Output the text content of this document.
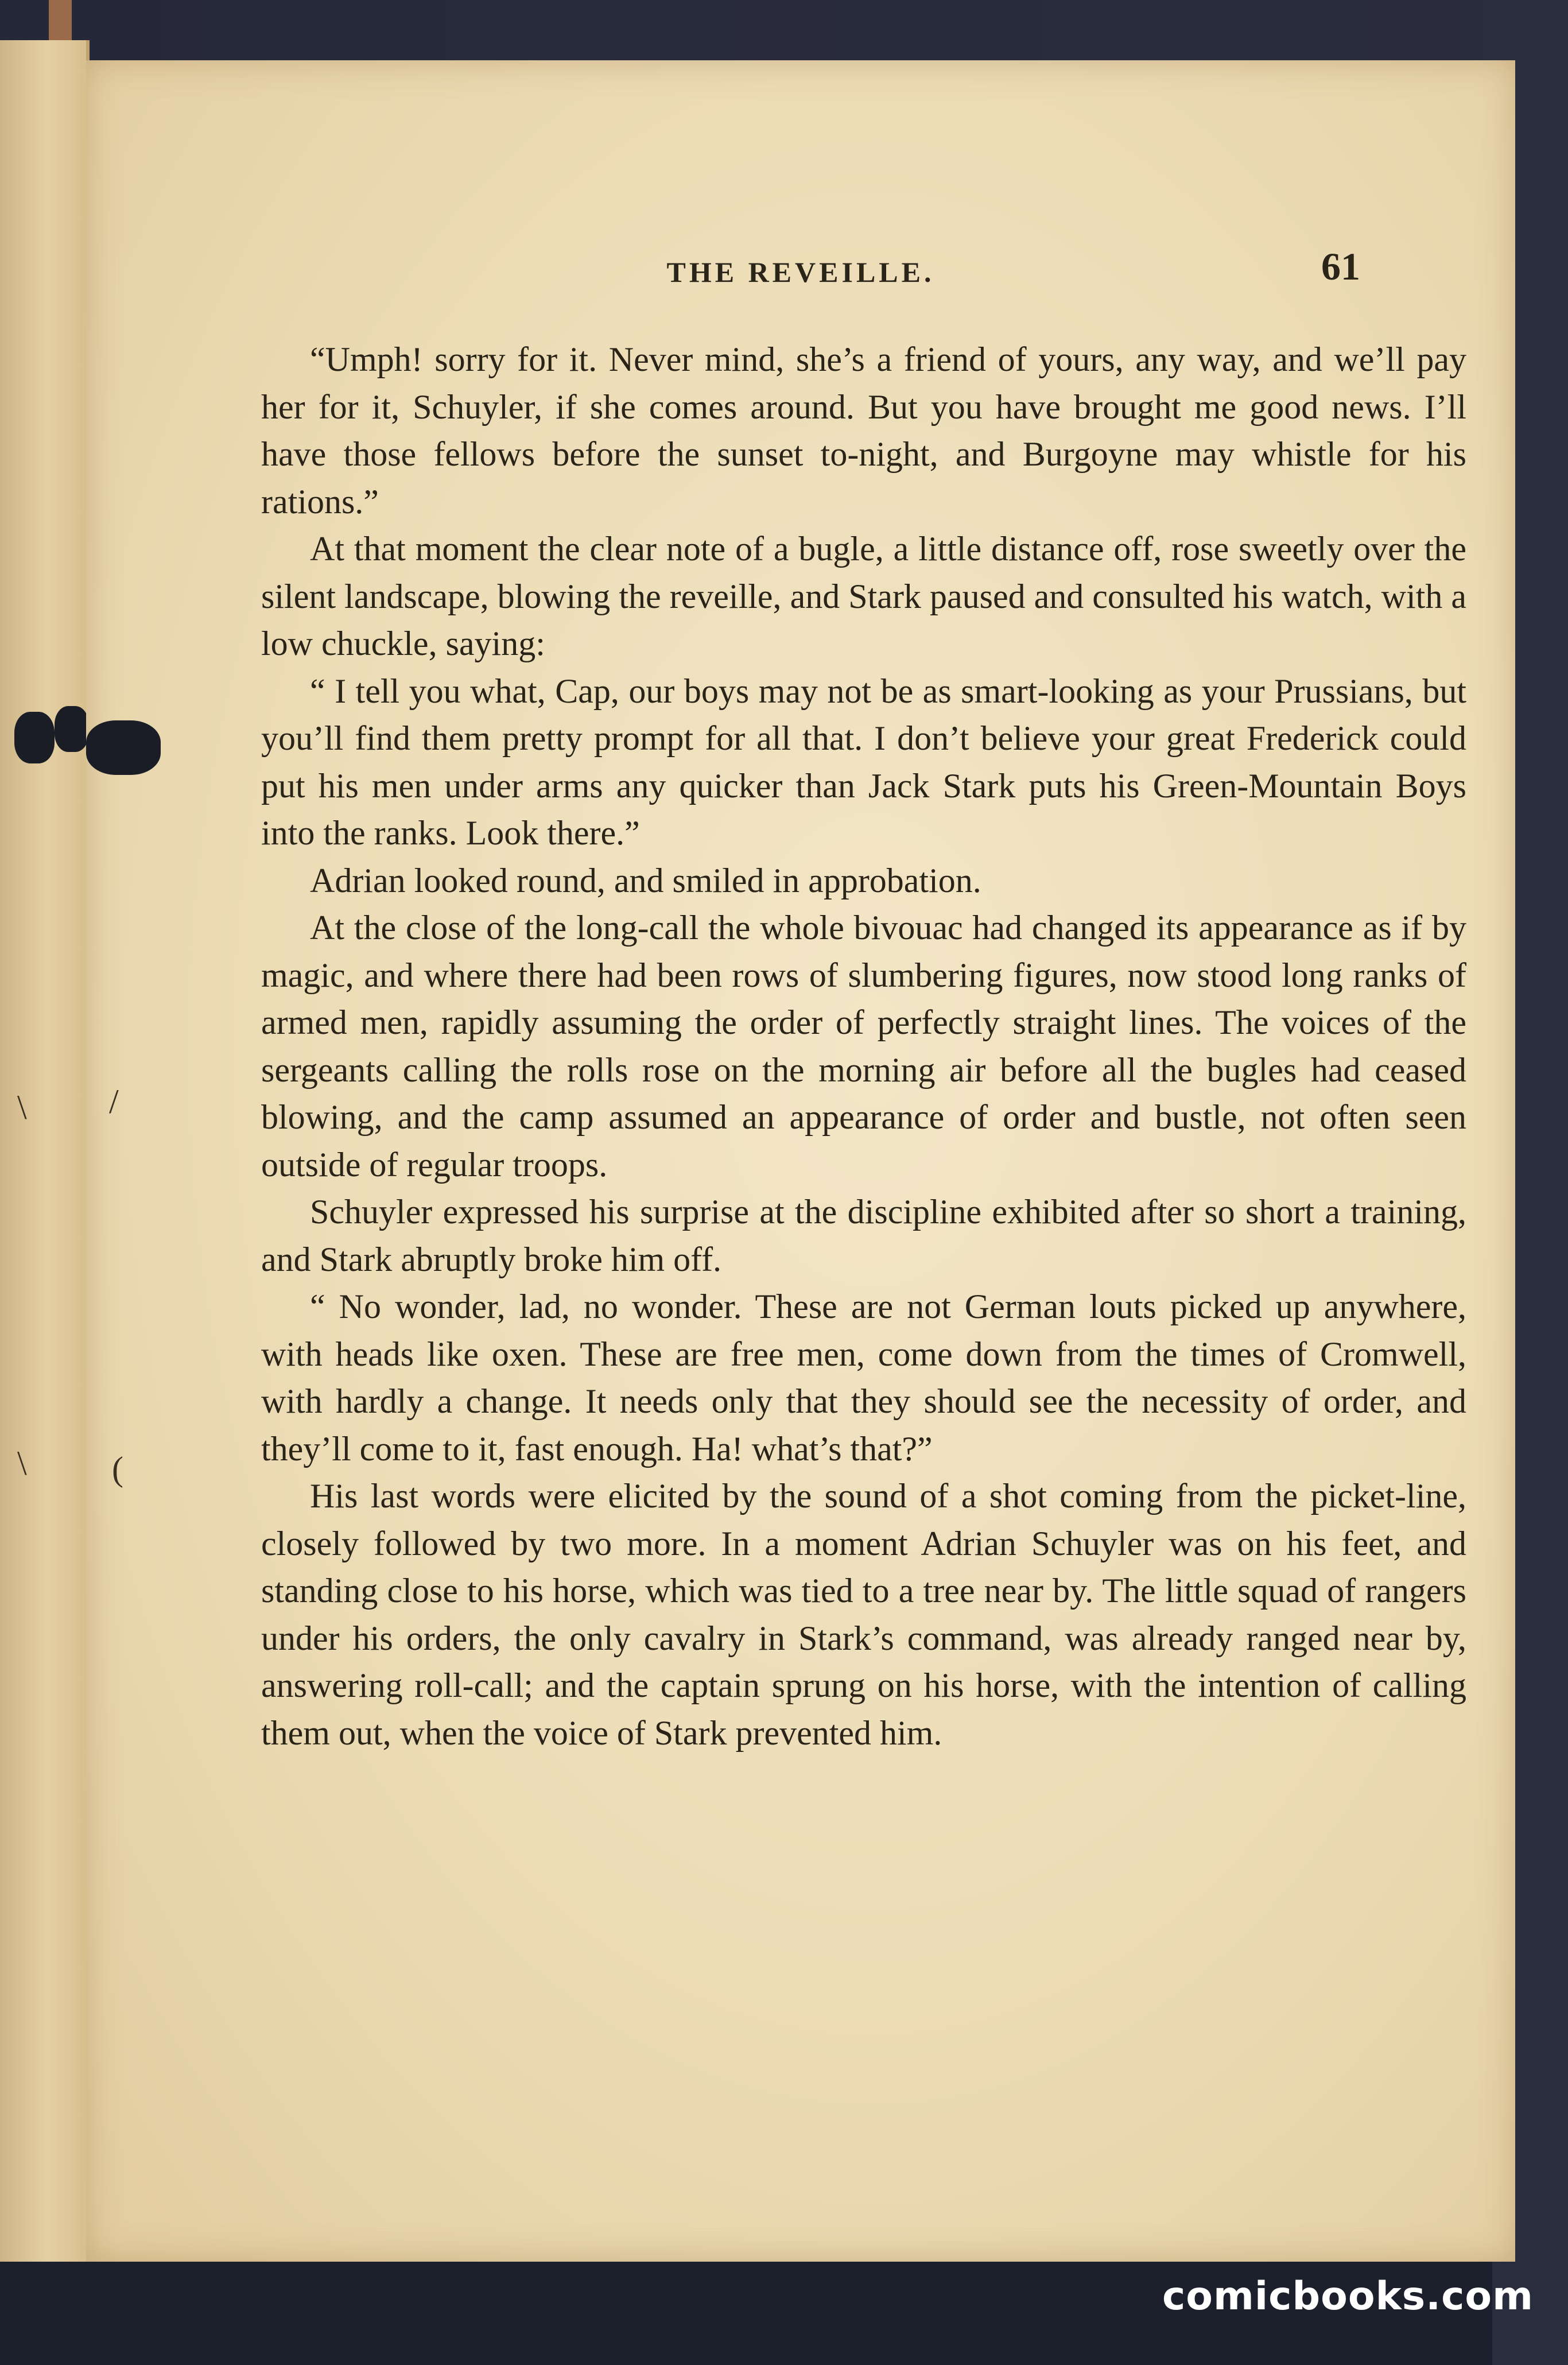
\ /
\ (
THE REVEILLE.	61

“Umph! sorry for it. Never mind, she’s a friend of yours, any way, and we’ll pay her for it, Schuyler, if she comes around. But you have brought me good news. I’ll have those fellows before the sunset to-night, and Burgoyne may whistle for his rations.”

At that moment the clear note of a bugle, a little distance off, rose sweetly over the silent landscape, blowing the reveille, and Stark paused and consulted his watch, with a low chuckle, saying:

“ I tell you what, Cap, our boys may not be as smart-looking as your Prussians, but you’ll find them pretty prompt for all that. I don’t believe your great Frederick could put his men under arms any quicker than Jack Stark puts his Green-Mountain Boys into the ranks. Look there.”

Adrian looked round, and smiled in approbation.

At the close of the long-call the whole bivouac had changed its appearance as if by magic, and where there had been rows of slumbering figures, now stood long ranks of armed men, rapidly assuming the order of perfectly straight lines. The voices of the sergeants calling the rolls rose on the morning air before all the bugles had ceased blowing, and the camp assumed an appearance of order and bustle, not often seen outside of regular troops.

Schuyler expressed his surprise at the discipline exhibited after so short a training, and Stark abruptly broke him off.

“ No wonder, lad, no wonder. These are not German louts picked up anywhere, with heads like oxen. These are free men, come down from the times of Cromwell, with hardly a change. It needs only that they should see the necessity of order, and they’ll come to it, fast enough. Ha! what’s that?”

His last words were elicited by the sound of a shot coming from the picket-line, closely followed by two more. In a moment Adrian Schuyler was on his feet, and standing close to his horse, which was tied to a tree near by. The little squad of rangers under his orders, the only cavalry in Stark’s command, was already ranged near by, answering roll-call; and the captain sprung on his horse, with the intention of calling them out, when the voice of Stark prevented him.

comicbooks.com
